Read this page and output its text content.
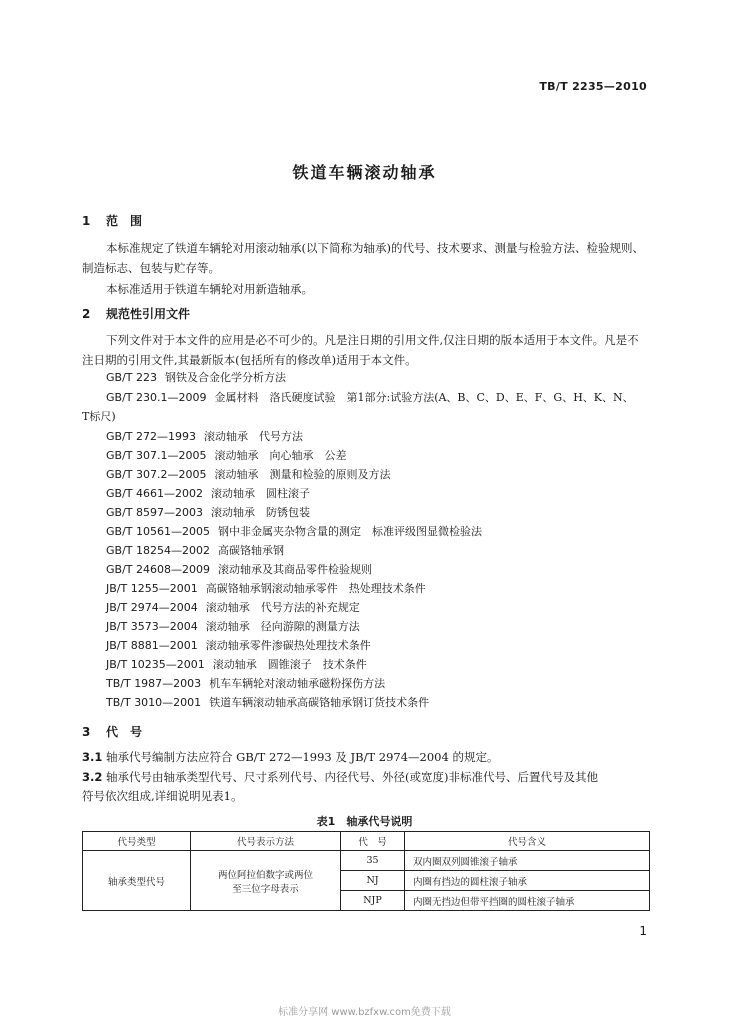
TB/T 2235—2010
铁道车辆滚动轴承
1 范　围
本标准规定了铁道车辆轮对用滚动轴承(以下简称为轴承)的代号、技术要求、测量与检验方法、检验规则、制造标志、包装与贮存等。
本标准适用于铁道车辆轮对用新造轴承。
2 规范性引用文件
下列文件对于本文件的应用是必不可少的。凡是注日期的引用文件,仅注日期的版本适用于本文件。凡是不注日期的引用文件,其最新版本(包括所有的修改单)适用于本文件。
GB/T 223 钢铁及合金化学分析方法
GB/T 230.1—2009 金属材料　洛氏硬度试验　第1部分:试验方法(A、B、C、D、E、F、G、H、K、N、
T标尺)
GB/T 272—1993 滚动轴承　代号方法
GB/T 307.1—2005 滚动轴承　向心轴承　公差
GB/T 307.2—2005 滚动轴承　测量和检验的原则及方法
GB/T 4661—2002 滚动轴承　圆柱滚子
GB/T 8597—2003 滚动轴承　防锈包装
GB/T 10561—2005 钢中非金属夹杂物含量的测定　标准评级图显微检验法
GB/T 18254—2002 高碳铬轴承钢
GB/T 24608—2009 滚动轴承及其商品零件检验规则
JB/T 1255—2001 高碳铬轴承钢滚动轴承零件　热处理技术条件
JB/T 2974—2004 滚动轴承　代号方法的补充规定
JB/T 3573—2004 滚动轴承　径向游隙的测量方法
JB/T 8881—2001 滚动轴承零件渗碳热处理技术条件
JB/T 10235—2001 滚动轴承　圆锥滚子　技术条件
TB/T 1987—2003 机车车辆轮对滚动轴承磁粉探伤方法
TB/T 3010—2001 铁道车辆滚动轴承高碳铬轴承钢订货技术条件
3 代　号
3.1 轴承代号编制方法应符合 GB/T 272—1993 及 JB/T 2974—2004 的规定。
3.2 轴承代号由轴承类型代号、尺寸系列代号、内径代号、外径(或宽度)非标准代号、后置代号及其他
符号依次组成,详细说明见表1。
表1　轴承代号说明
代号类型	代号表示方法	代　号	代号含义
轴承类型代号	两位阿拉伯数字或两位
至三位字母表示	35	双内圈双列圆锥滚子轴承
		NJ	内圈有挡边的圆柱滚子轴承
		NJP	内圈无挡边但带平挡圈的圆柱滚子轴承
1
标准分享网 www.bzfxw.com免费下载
